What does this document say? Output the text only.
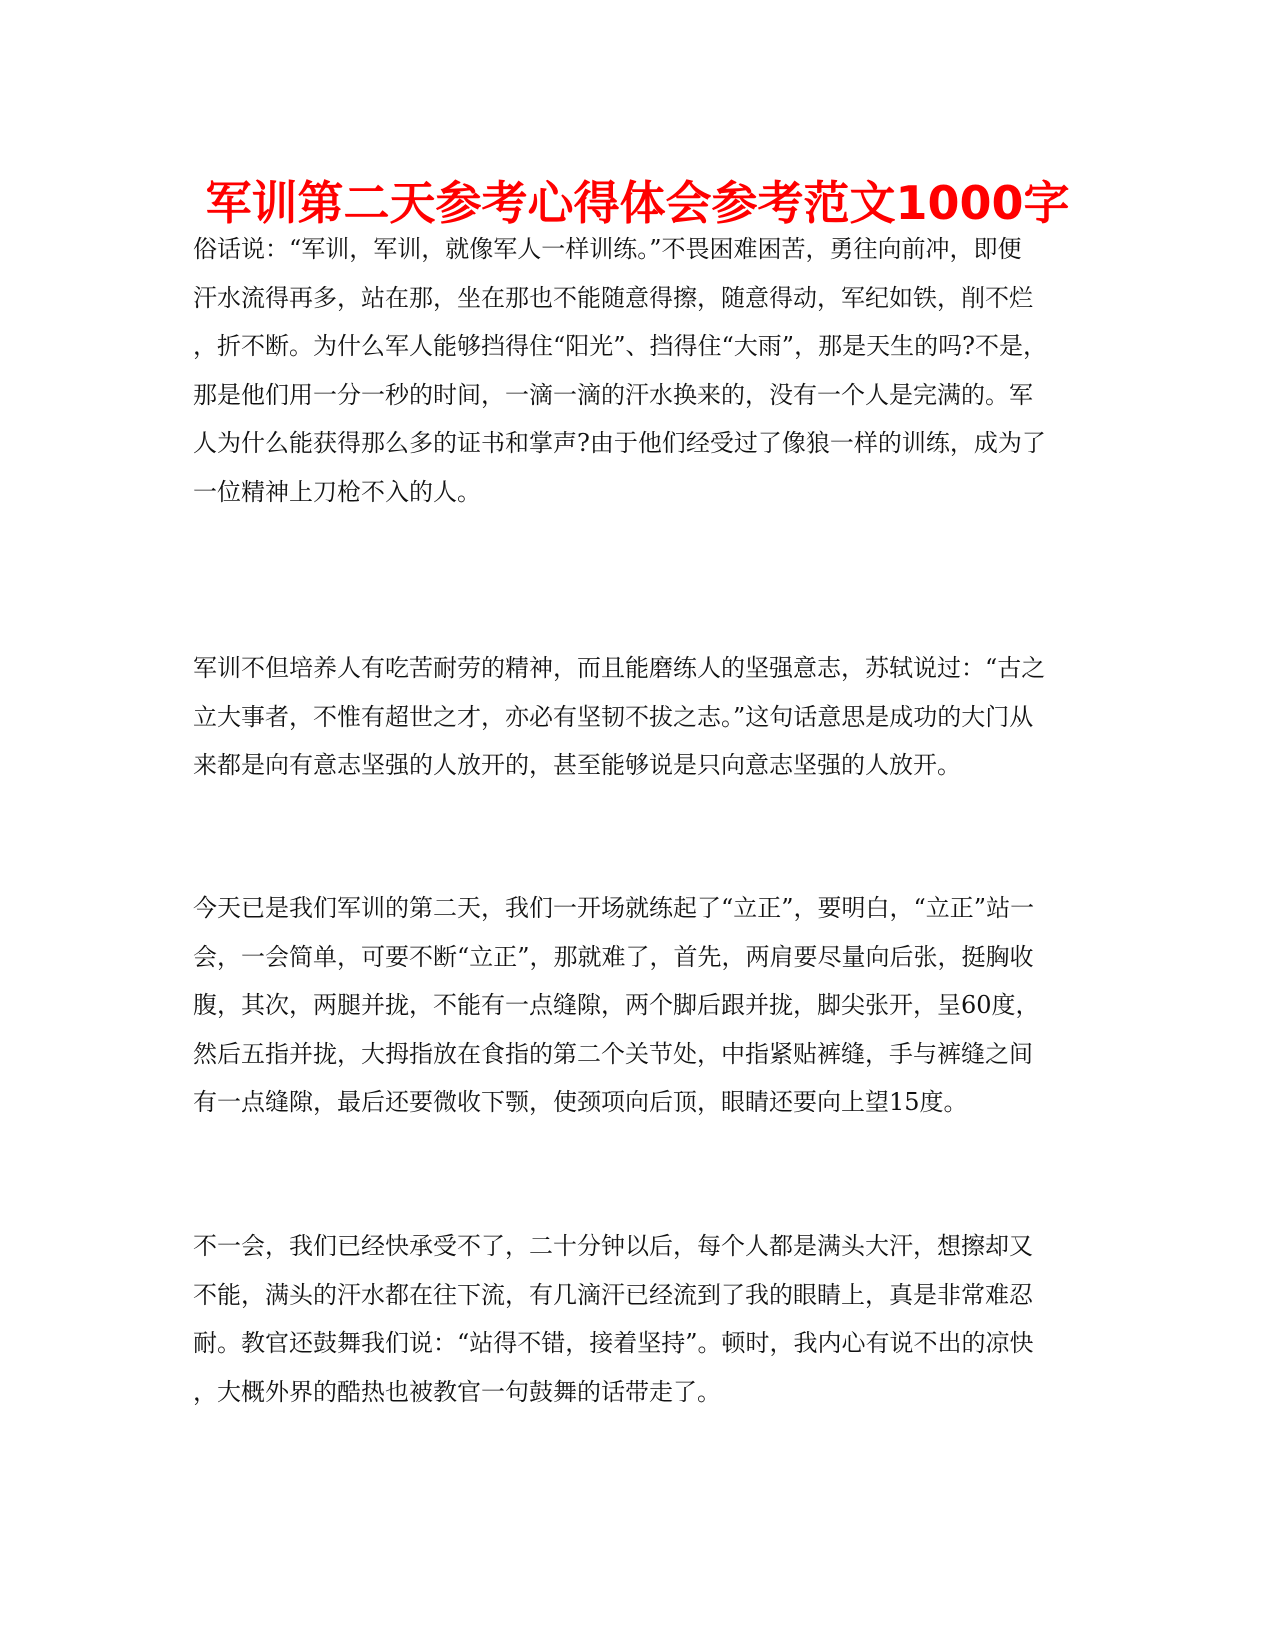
军训第二天参考心得体会参考范文1000字
俗话说：“军训，军训，就像军人一样训练。”不畏困难困苦，勇往向前冲，即便
汗水流得再多，站在那，坐在那也不能随意得擦，随意得动，军纪如铁，削不烂
，折不断。为什么军人能够挡得住“阳光”、挡得住“大雨”，那是天生的吗?不是，
那是他们用一分一秒的时间，一滴一滴的汗水换来的，没有一个人是完满的。军
人为什么能获得那么多的证书和掌声?由于他们经受过了像狼一样的训练，成为了
一位精神上刀枪不入的人。
军训不但培养人有吃苦耐劳的精神，而且能磨练人的坚强意志，苏轼说过：“古之
立大事者，不惟有超世之才，亦必有坚韧不拔之志。”这句话意思是成功的大门从
来都是向有意志坚强的人放开的，甚至能够说是只向意志坚强的人放开。
今天已是我们军训的第二天，我们一开场就练起了“立正”，要明白，“立正”站一
会，一会简单，可要不断“立正”，那就难了，首先，两肩要尽量向后张，挺胸收
腹，其次，两腿并拢，不能有一点缝隙，两个脚后跟并拢，脚尖张开，呈60度，
然后五指并拢，大拇指放在食指的第二个关节处，中指紧贴裤缝，手与裤缝之间
有一点缝隙，最后还要微收下颚，使颈项向后顶，眼睛还要向上望15度。
不一会，我们已经快承受不了，二十分钟以后，每个人都是满头大汗，想擦却又
不能，满头的汗水都在往下流，有几滴汗已经流到了我的眼睛上，真是非常难忍
耐。教官还鼓舞我们说：“站得不错，接着坚持”。顿时，我内心有说不出的凉快
，大概外界的酷热也被教官一句鼓舞的话带走了。
